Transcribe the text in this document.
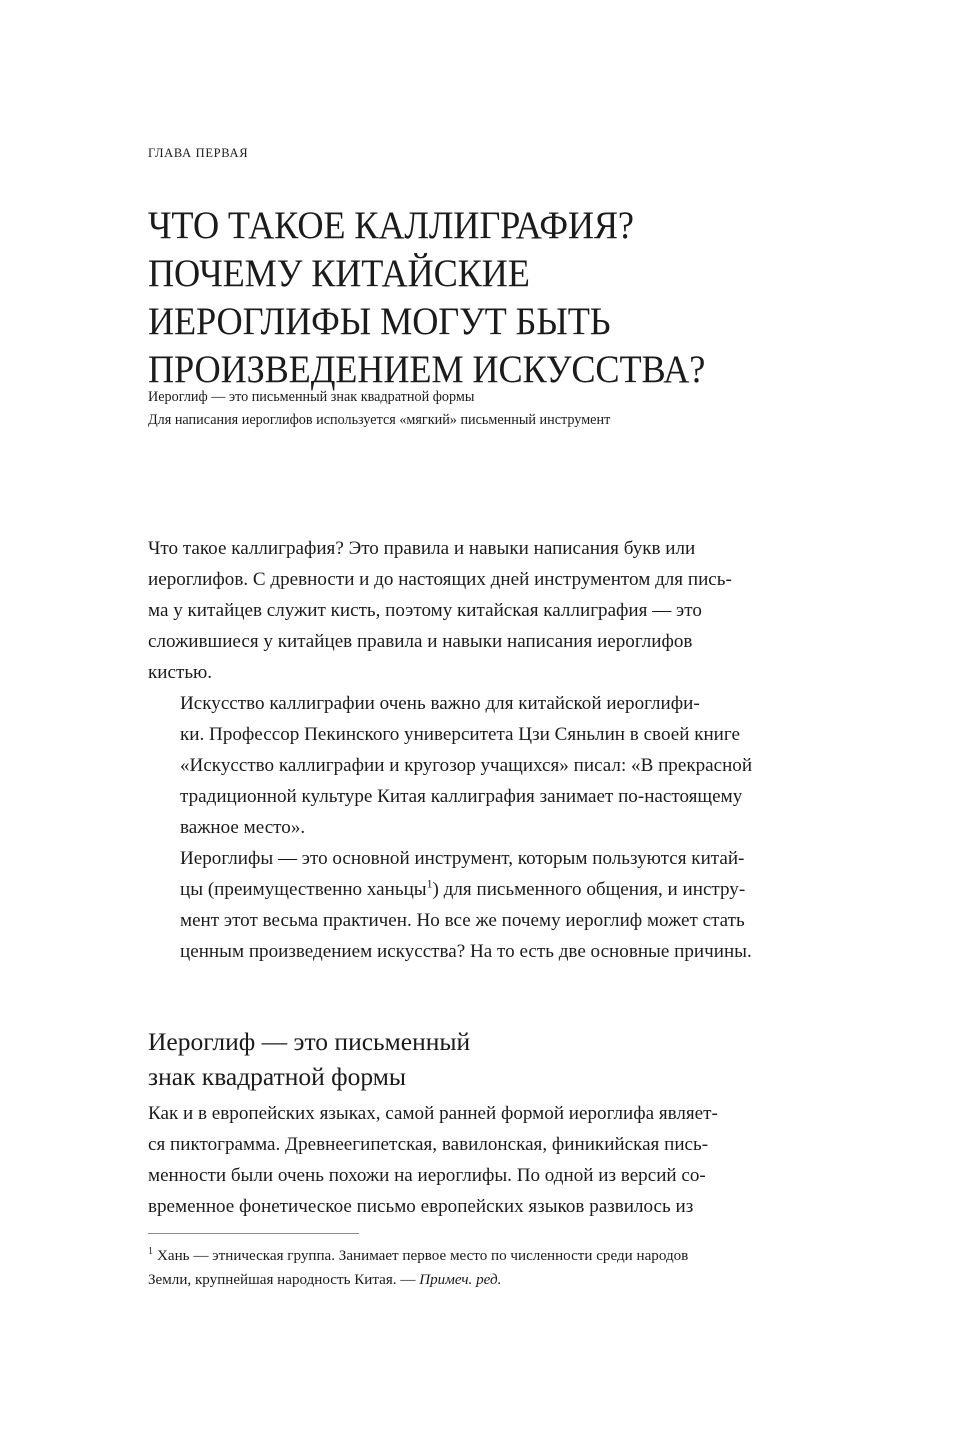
ГЛАВА ПЕРВАЯ
ЧТО ТАКОЕ КАЛЛИГРАФИЯ?
ПОЧЕМУ КИТАЙСКИЕ
ИЕРОГЛИФЫ МОГУТ БЫТЬ
ПРОИЗВЕДЕНИЕМ ИСКУССТВА?
Иероглиф — это письменный знак квадратной формы
Для написания иероглифов используется «мягкий» письменный инструмент

Что такое каллиграфия? Это правила и навыки написания букв или
иероглифов. С древности и до настоящих дней инструментом для пись-
ма у китайцев служит кисть, поэтому китайская каллиграфия — это
сложившиеся у китайцев правила и навыки написания иероглифов
кистью.

Искусство каллиграфии очень важно для китайской иероглифи-
ки. Профессор Пекинского университета Цзи Сяньлин в своей книге
«Искусство каллиграфии и кругозор учащихся» писал: «В прекрасной
традиционной культуре Китая каллиграфия занимает по-настоящему
важное место».

Иероглифы — это основной инструмент, которым пользуются китай-
цы (преимущественно ханьцы$^1$) для письменного общения, и инстру-
мент этот весьма практичен. Но все же почему иероглиф может стать
ценным произведением искусства? На то есть две основные причины.

Иероглиф — это письменный
знак квадратной формы

Как и в европейских языках, самой ранней формой иероглифа являет-
ся пиктограмма. Древнеегипетская, вавилонская, финикийская пись-
менности были очень похожи на иероглифы. По одной из версий со-
временное фонетическое письмо европейских языков развилось из

$^1$ Хань — этническая группа. Занимает первое место по численности среди народов
Земли, крупнейшая народность Китая. — Примеч. ред.
